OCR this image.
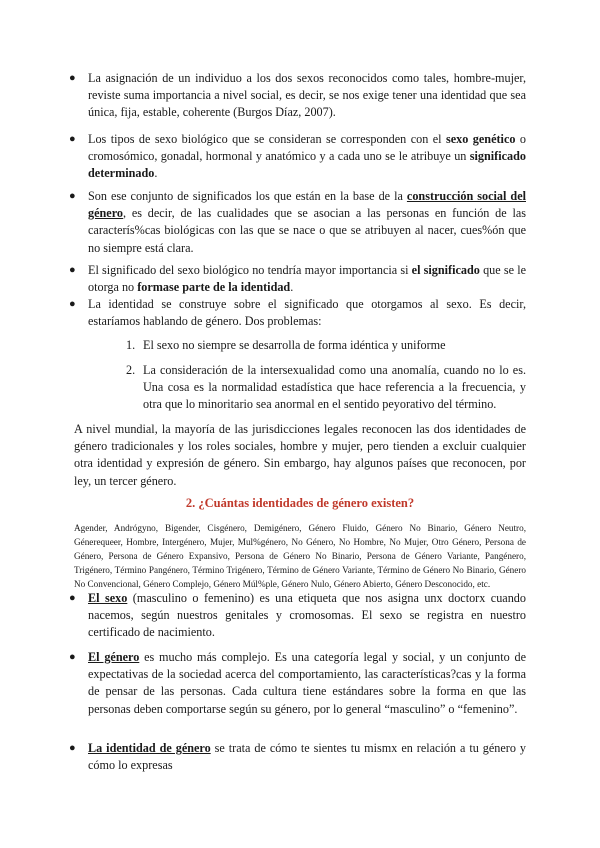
● La asignación de un individuo a los dos sexos reconocidos como tales, hombre-mujer, reviste suma importancia a nivel social, es decir, se nos exige tener una identidad que sea única, fija, estable, coherente (Burgos Díaz, 2007).
● Los tipos de sexo biológico que se consideran se corresponden con el sexo genético o cromosómico, gonadal, hormonal y anatómico y a cada uno se le atribuye un significado determinado.
● Son ese conjunto de significados los que están en la base de la construcción social del género, es decir, de las cualidades que se asocian a las personas en función de las caracterís%cas biológicas con las que se nace o que se atribuyen al nacer, cues%ón que no siempre está clara.
● El significado del sexo biológico no tendría mayor importancia si el significado que se le otorga no formase parte de la identidad.
● La identidad se construye sobre el significado que otorgamos al sexo. Es decir, estaríamos hablando de género. Dos problemas:
1. El sexo no siempre se desarrolla de forma idéntica y uniforme
2. La consideración de la intersexualidad como una anomalía, cuando no lo es. Una cosa es la normalidad estadística que hace referencia a la frecuencia, y otra que lo minoritario sea anormal en el sentido peyorativo del término.

A nivel mundial, la mayoría de las jurisdicciones legales reconocen las dos identidades de género tradicionales y los roles sociales, hombre y mujer, pero tienden a excluir cualquier otra identidad y expresión de género. Sin embargo, hay algunos países que reconocen, por ley, un tercer género.

2. ¿Cuántas identidades de género existen?

Agender, Andrógyno, Bigender, Cisgénero, Demigénero, Género Fluido, Género No Binario, Género Neutro, Génerequeer, Hombre, Intergénero, Mujer, Mul%género, No Género, No Hombre, No Mujer, Otro Género, Persona de Género, Persona de Género Expansivo, Persona de Género No Binario, Persona de Género Variante, Pangénero, Trigénero, Término Pangénero, Término Trigénero, Término de Género Variante, Término de Género No Binario, Género No Convencional, Género Complejo, Género Múl%ple, Género Nulo, Género Abierto, Género Desconocido, etc.

● El sexo (masculino o femenino) es una etiqueta que nos asigna unx doctorx cuando nacemos, según nuestros genitales y cromosomas. El sexo se registra en nuestro certificado de nacimiento.
● El género es mucho más complejo. Es una categoría legal y social, y un conjunto de expectativas de la sociedad acerca del comportamiento, las características?cas y la forma de pensar de las personas. Cada cultura tiene estándares sobre la forma en que las personas deben comportarse según su género, por lo general “masculino” o “femenino”.
● La identidad de género se trata de cómo te sientes tu mismx en relación a tu género y cómo lo expresas
